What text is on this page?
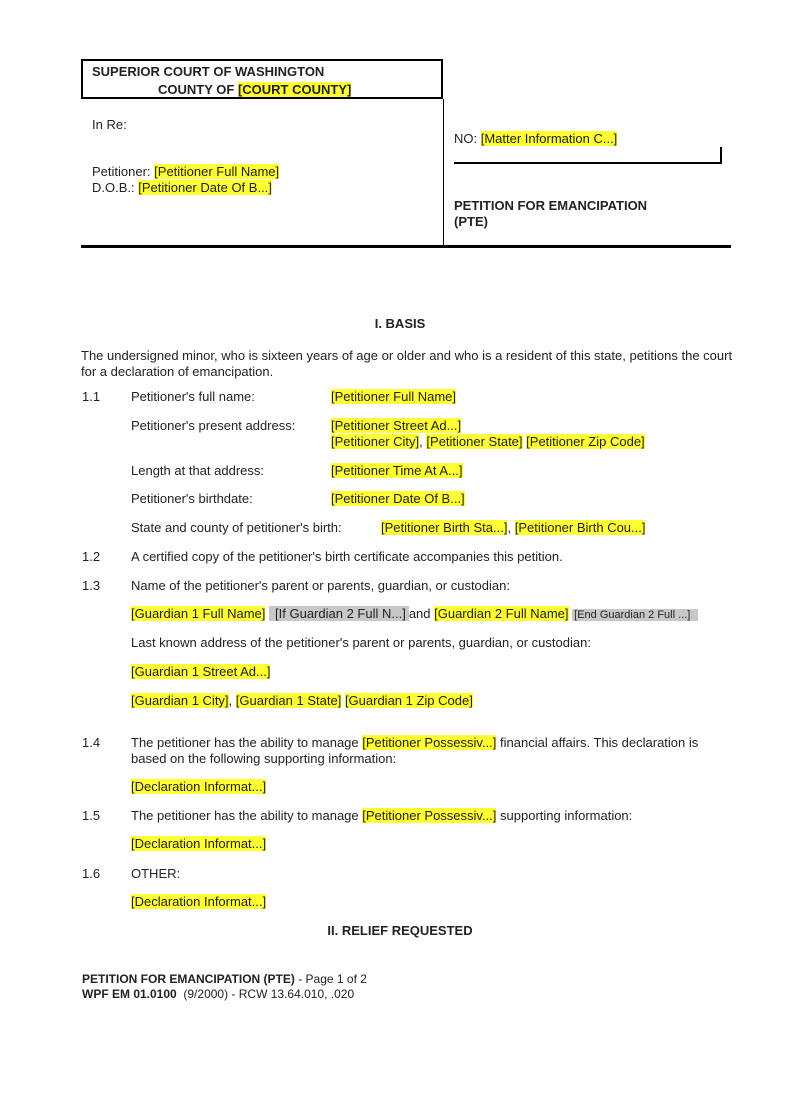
SUPERIOR COURT OF WASHINGTON
COUNTY OF [COURT COUNTY]
In Re:
Petitioner: [Petitioner Full Name]
D.O.B.: [Petitioner Date Of B...]
NO: [Matter Information C...]
PETITION FOR EMANCIPATION
(PTE)
I. BASIS
The undersigned minor, who is sixteen years of age or older and who is a resident of this state, petitions the court for a declaration of emancipation.
1.1 Petitioner's full name:	[Petitioner Full Name]
Petitioner's present address:	[Petitioner Street Ad...]
[Petitioner City], [Petitioner State] [Petitioner Zip Code]
Length at that address:	[Petitioner Time At A...]
Petitioner's birthdate:	[Petitioner Date Of B...]
State and county of petitioner's birth:	[Petitioner Birth Sta...], [Petitioner Birth Cou...]
1.2 A certified copy of the petitioner's birth certificate accompanies this petition.
1.3 Name of the petitioner's parent or parents, guardian, or custodian:
[Guardian 1 Full Name] [If Guardian 2 Full N...] and [Guardian 2 Full Name] [End Guardian 2 Full ...]
Last known address of the petitioner's parent or parents, guardian, or custodian:
[Guardian 1 Street Ad...]
[Guardian 1 City], [Guardian 1 State] [Guardian 1 Zip Code]
1.4 The petitioner has the ability to manage [Petitioner Possessiv...] financial affairs. This declaration is based on the following supporting information:
[Declaration Informat...]
1.5 The petitioner has the ability to manage [Petitioner Possessiv...] supporting information:
[Declaration Informat...]
1.6 OTHER:
[Declaration Informat...]
II. RELIEF REQUESTED
PETITION FOR EMANCIPATION (PTE) - Page 1 of 2
WPF EM 01.0100  (9/2000) - RCW 13.64.010, .020
